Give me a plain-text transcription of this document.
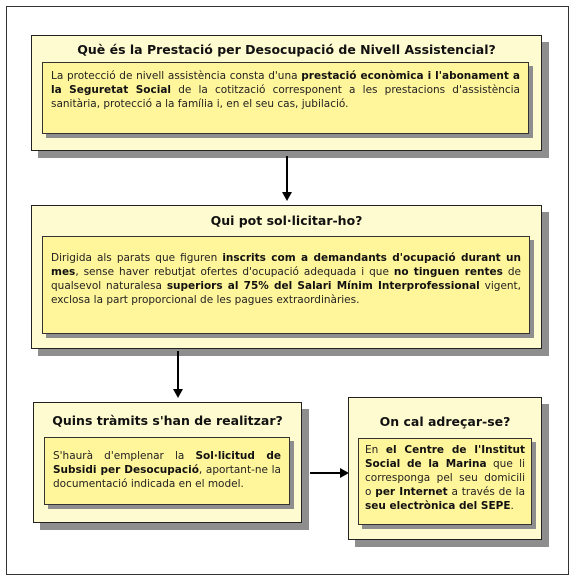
Què és la Prestació per Desocupació de Nivell Assistencial?
La protecció de nivell assistència consta d'una prestació econòmica i l'abonament a la Seguretat Social de la cotització corresponent a les prestacions d'assistència sanitària, protecció a la família i, en el seu cas, jubilació.
Qui pot sol·licitar-ho?
Dirigida als parats que figuren inscrits com a demandants d'ocupació durant un mes, sense haver rebutjat ofertes d'ocupació adequada i que no tinguen rentes de qualsevol naturalesa superiors al 75% del Salari Mínim Interprofessional vigent, exclosa la part proporcional de les pagues extraordinàries.
Quins tràmits s'han de realitzar?
S'haurà d'emplenar la Sol·licitud de Subsidi per Desocupació, aportant-ne la documentació indicada en el model.
On cal adreçar-se?
En el Centre de l'Institut Social de la Marina que li corresponga pel seu domicili o per Internet a través de la seu electrònica del SEPE.
